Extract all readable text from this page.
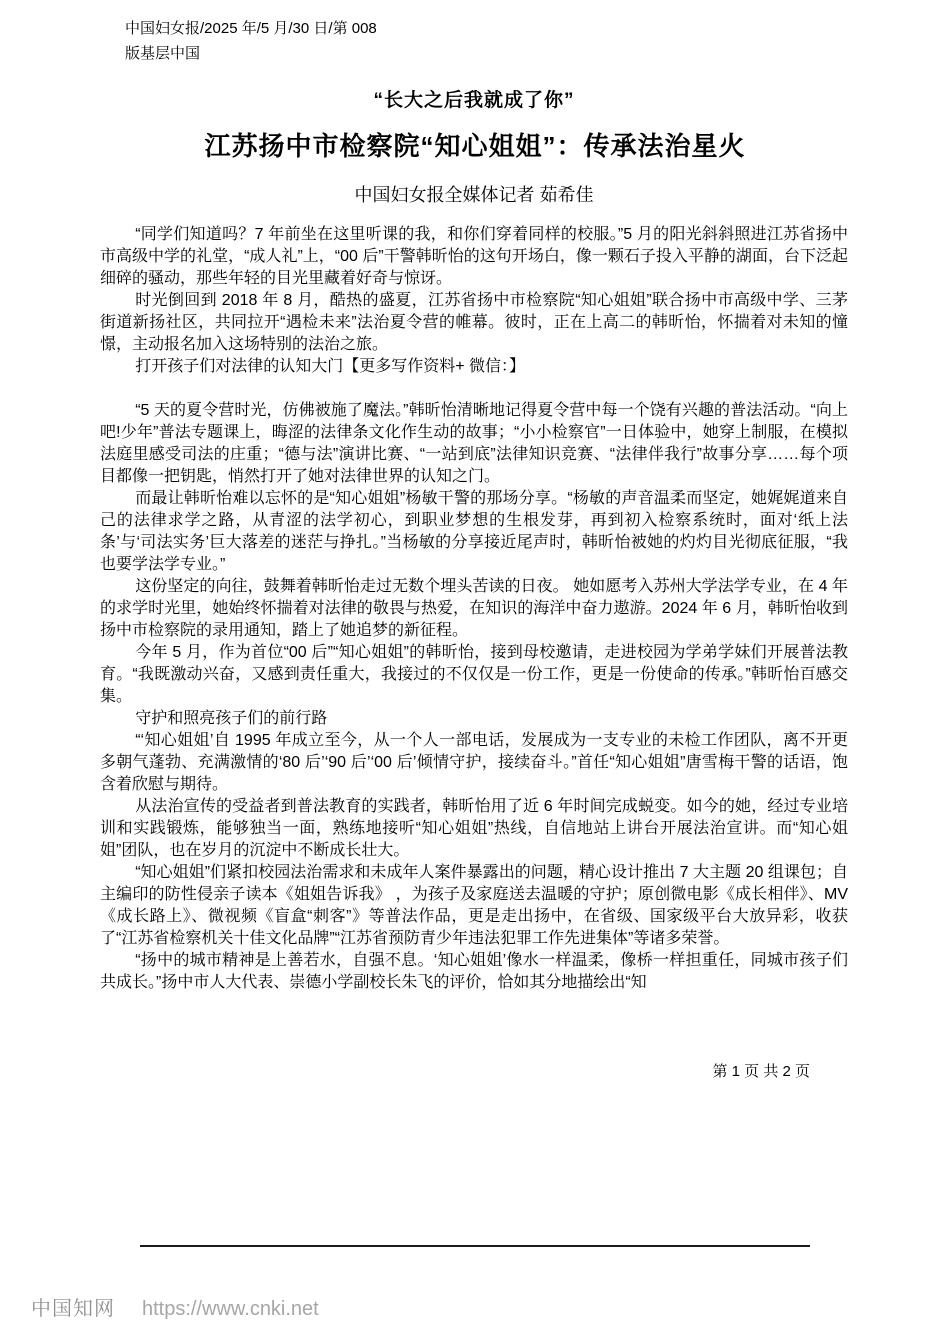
中国妇女报/2025 年/5 月/30 日/第 008
版基层中国
“长大之后我就成了你”
江苏扬中市检察院“知心姐姐”：传承法治星火
中国妇女报全媒体记者 茹希佳

“同学们知道吗？7 年前坐在这里听课的我，和你们穿着同样的校服。”5 月的阳光斜斜照进江苏省扬中市高级中学的礼堂，“成人礼”上，“00 后”干警韩昕怡的这句开场白，像一颗石子投入平静的湖面，台下泛起细碎的骚动，那些年轻的目光里藏着好奇与惊讶。

时光倒回到 2018 年 8 月，酷热的盛夏，江苏省扬中市检察院“知心姐姐”联合扬中市高级中学、三茅街道新扬社区，共同拉开“遇检未来”法治夏令营的帷幕。彼时，正在上高二的韩昕怡，怀揣着对未知的憧憬，主动报名加入这场特别的法治之旅。

打开孩子们对法律的认知大门【更多写作资料+ 微信：】

“5 天的夏令营时光，仿佛被施了魔法。”韩昕怡清晰地记得夏令营中每一个饶有兴趣的普法活动。“向上吧!少年”普法专题课上，晦涩的法律条文化作生动的故事；“小小检察官”一日体验中，她穿上制服，在模拟法庭里感受司法的庄重；“德与法”演讲比赛、“一站到底”法律知识竞赛、“法律伴我行”故事分享……每个项目都像一把钥匙，悄然打开了她对法律世界的认知之门。

而最让韩昕怡难以忘怀的是“知心姐姐”杨敏干警的那场分享。“杨敏的声音温柔而坚定，她娓娓道来自己的法律求学之路，从青涩的法学初心，到职业梦想的生根发芽，再到初入检察系统时，面对‘纸上法条’与‘司法实务’巨大落差的迷茫与挣扎。”当杨敏的分享接近尾声时，韩昕怡被她的灼灼目光彻底征服，“我也要学法学专业。”

这份坚定的向往，鼓舞着韩昕怡走过无数个埋头苦读的日夜。 她如愿考入苏州大学法学专业，在 4 年的求学时光里，她始终怀揣着对法律的敬畏与热爱，在知识的海洋中奋力遨游。2024 年 6 月，韩昕怡收到扬中市检察院的录用通知，踏上了她追梦的新征程。

今年 5 月，作为首位“00 后”“知心姐姐”的韩昕怡，接到母校邀请，走进校园为学弟学妹们开展普法教育。“我既激动兴奋，又感到责任重大，我接过的不仅仅是一份工作，更是一份使命的传承。”韩昕怡百感交集。

守护和照亮孩子们的前行路

“‘知心姐姐’自 1995 年成立至今，从一个人一部电话，发展成为一支专业的未检工作团队，离不开更多朝气蓬勃、充满激情的‘80 后’‘90 后’‘00 后’倾情守护，接续奋斗。”首任“知心姐姐”唐雪梅干警的话语，饱含着欣慰与期待。

从法治宣传的受益者到普法教育的实践者，韩昕怡用了近 6 年时间完成蜕变。如今的她，经过专业培训和实践锻炼，能够独当一面，熟练地接听“知心姐姐”热线，自信地站上讲台开展法治宣讲。而“知心姐姐”团队，也在岁月的沉淀中不断成长壮大。

“知心姐姐”们紧扣校园法治需求和未成年人案件暴露出的问题，精心设计推出 7 大主题 20 组课包；自主编印的防性侵亲子读本《姐姐告诉我》 ，为孩子及家庭送去温暖的守护；原创微电影《成长相伴》、MV《成长路上》、微视频《盲盒“刺客”》等普法作品，更是走出扬中，在省级、国家级平台大放异彩，收获了“江苏省检察机关十佳文化品牌”“江苏省预防青少年违法犯罪工作先进集体”等诸多荣誉。

“扬中的城市精神是上善若水，自强不息。‘知心姐姐’像水一样温柔，像桥一样担重任，同城市孩子们共成长。”扬中市人大代表、崇德小学副校长朱飞的评价，恰如其分地描绘出“知

第 1 页 共 2 页
中国知网 https://www.cnki.net
